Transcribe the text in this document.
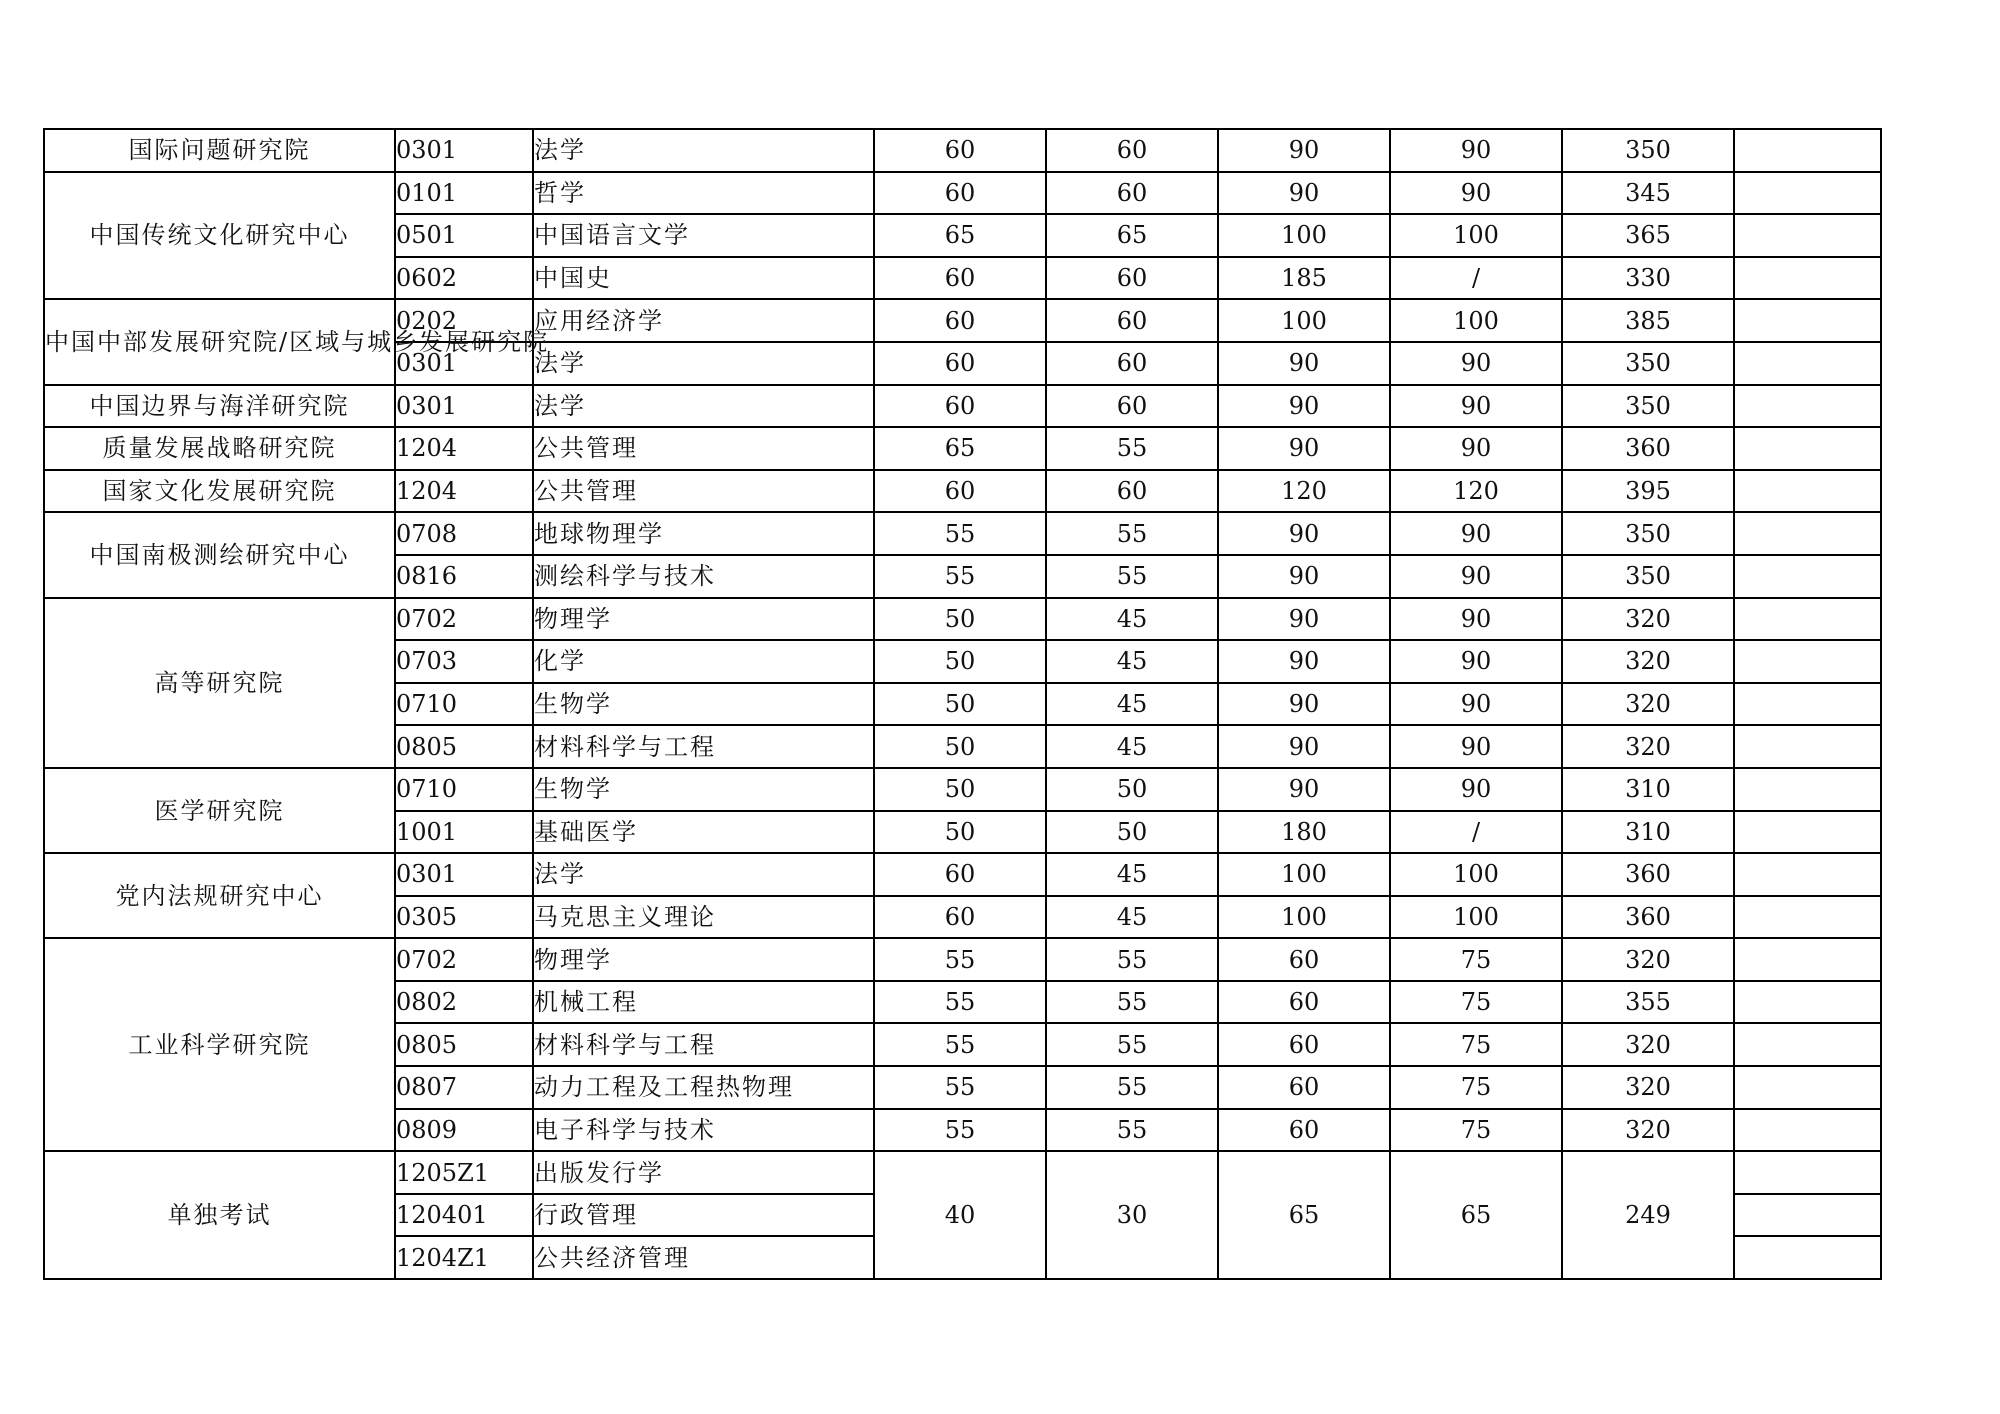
国际问题研究院	0301	法学	60	60	90	90	350	
中国传统文化研究中心	0101	哲学	60	60	90	90	345	
	0501	中国语言文学	65	65	100	100	365	
	0602	中国史	60	60	185	/	330	
中国中部发展研究院/区域与城乡发展研究院	0202	应用经济学	60	60	100	100	385	
	0301	法学	60	60	90	90	350	
中国边界与海洋研究院	0301	法学	60	60	90	90	350	
质量发展战略研究院	1204	公共管理	65	55	90	90	360	
国家文化发展研究院	1204	公共管理	60	60	120	120	395	
中国南极测绘研究中心	0708	地球物理学	55	55	90	90	350	
	0816	测绘科学与技术	55	55	90	90	350	
高等研究院	0702	物理学	50	45	90	90	320	
	0703	化学	50	45	90	90	320	
	0710	生物学	50	45	90	90	320	
	0805	材料科学与工程	50	45	90	90	320	
医学研究院	0710	生物学	50	50	90	90	310	
	1001	基础医学	50	50	180	/	310	
党内法规研究中心	0301	法学	60	45	100	100	360	
	0305	马克思主义理论	60	45	100	100	360	
工业科学研究院	0702	物理学	55	55	60	75	320	
	0802	机械工程	55	55	60	75	355	
	0805	材料科学与工程	55	55	60	75	320	
	0807	动力工程及工程热物理	55	55	60	75	320	
	0809	电子科学与技术	55	55	60	75	320	
单独考试	1205Z1	出版发行学	40	30	65	65	249	
	120401	行政管理						
	1204Z1	公共经济管理						
